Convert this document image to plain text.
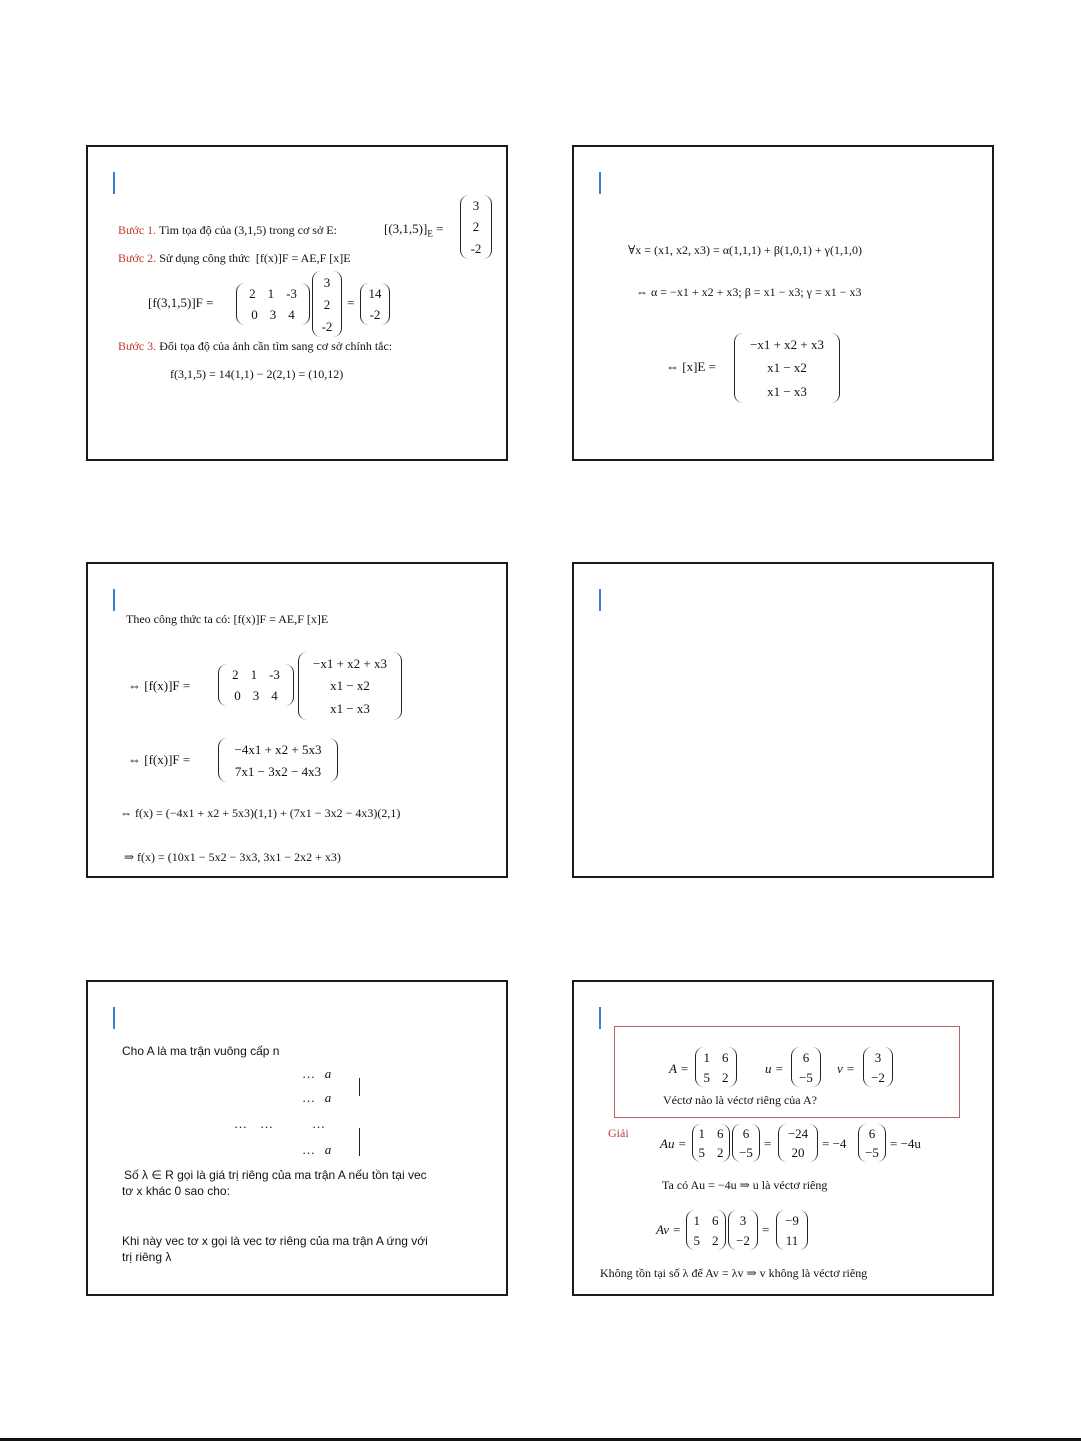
Bước 1. Tìm tọa độ của (3,1,5) trong cơ sở E:	$[(3,1,5)]_E$ =
3
2
-2
Bước 2. Sử dụng công thức [f(x)]F = AE,F [x]E
[f(3,1,5)]F =
2 1 -3
0 3 4
3
2
-2
=
14
-2
Bước 3. Đổi tọa độ của ảnh cần tìm sang cơ sở chính tắc:
f(3,1,5) = 14(1,1) − 2(2,1) = (10,12)
∀x = (x1, x2, x3) = α(1,1,1) + β(1,0,1) + γ(1,1,0)
⇔ α = −x1 + x2 + x3; β = x1 − x3; γ = x1 − x3
⇔ [x]E =
−x1 + x2 + x3
x1 − x2
x1 − x3
Theo công thức ta có: [f(x)]F = AE,F [x]E
⇔ [f(x)]F =
2 1 -3
0 3 4
−x1 + x2 + x3
x1 − x2
x1 − x3
⇔ [f(x)]F =
−4x1 + x2 + 5x3
7x1 − 3x2 − 4x3
⇔ f(x) = (−4x1 + x2 + 5x3)(1,1) + (7x1 − 3x2 − 4x3)(2,1)
⇒ f(x) = (10x1 − 5x2 − 3x3, 3x1 − 2x2 + x3)
Cho A là ma trận vuông cấp n
… a
… a
… …	…
… a
Số λ ∈ R gọi là giá trị riêng của ma trận A nếu tồn tại vec
tơ x khác 0 sao cho:
Khi này vec tơ x gọi là vec tơ riêng của ma trận A ứng với
trị riêng λ
A =
1 6
5 2
u =
6
−5
v =
3
−2
Véctơ nào là véctơ riêng của A?
Giải
Au =
1 6
5 2
6
−5
=
−24
20
= −4
6
−5
= −4u
Ta có Au = −4u ⇒ u là véctơ riêng
Av =
1 6
5 2
3
−2
=
−9
11
Không tồn tại số λ để Av = λv ⇒ v không là véctơ riêng
